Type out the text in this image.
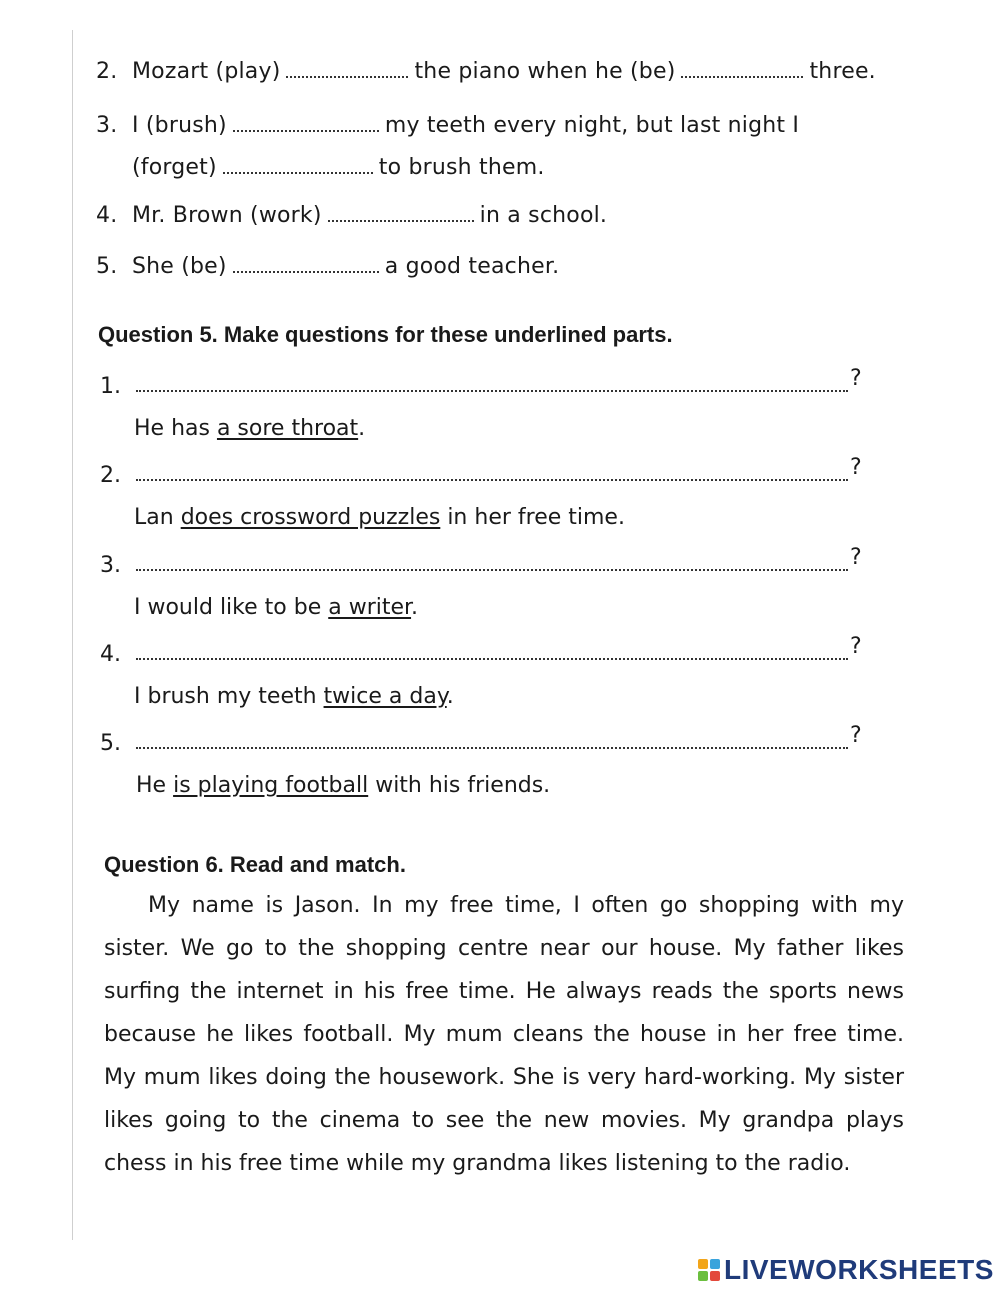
2. Mozart (play)	the piano when he (be)	three.
3. I (brush)	my teeth every night, but last night I
(forget)	to brush them.
4. Mr. Brown (work)	in a school.
5. She (be)	a good teacher.
Question 5. Make questions for these underlined parts.
1.	?
He has a sore throat.
2.	?
Lan does crossword puzzles in her free time.
3.	?
I would like to be a writer.
4.	?
I brush my teeth twice a day.
5.	?
He is playing football with his friends.
Question 6. Read and match.

My name is Jason. In my free time, I often go shopping with my sister. We go to the shopping centre near our house. My father likes surfing the internet in his free time. He always reads the sports news because he likes football. My mum cleans the house in her free time. My mum likes doing the housework. She is very hard-working. My sister likes going to the cinema to see the new movies. My grandpa plays chess in his free time while my grandma likes listening to the radio.

LIVEWORKSHEETS
